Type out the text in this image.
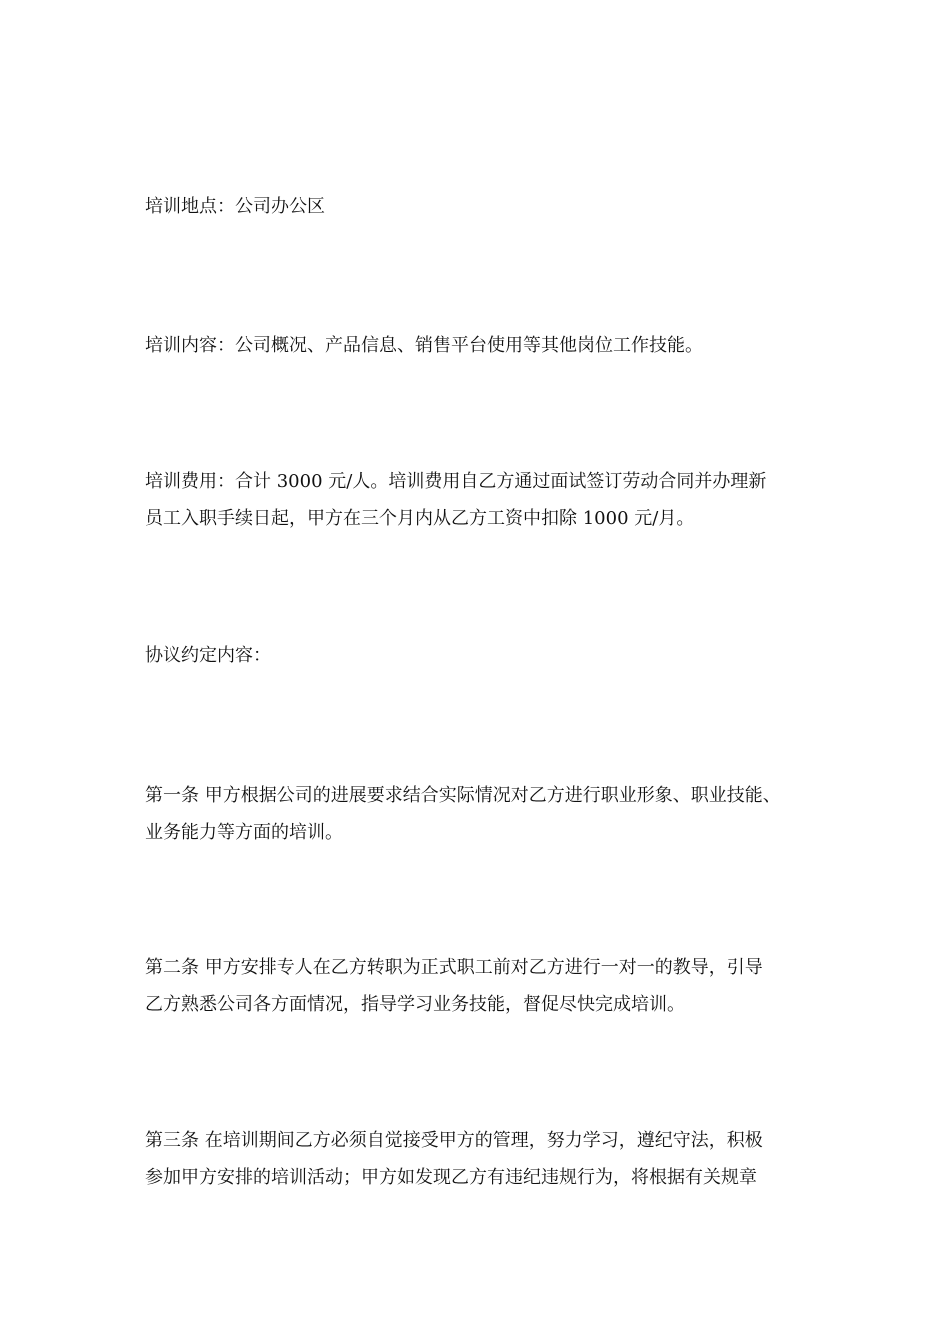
培训地点：公司办公区

培训内容：公司概况、产品信息、销售平台使用等其他岗位工作技能。

培训费用：合计 3000 元/人。培训费用自乙方通过面试签订劳动合同并办理新
员工入职手续日起，甲方在三个月内从乙方工资中扣除 1000 元/月。

协议约定内容：

第一条 甲方根据公司的进展要求结合实际情况对乙方进行职业形象、职业技能、
业务能力等方面的培训。

第二条 甲方安排专人在乙方转职为正式职工前对乙方进行一对一的教导，引导
乙方熟悉公司各方面情况，指导学习业务技能，督促尽快完成培训。

第三条 在培训期间乙方必须自觉接受甲方的管理，努力学习，遵纪守法，积极
参加甲方安排的培训活动；甲方如发现乙方有违纪违规行为，将根据有关规章
